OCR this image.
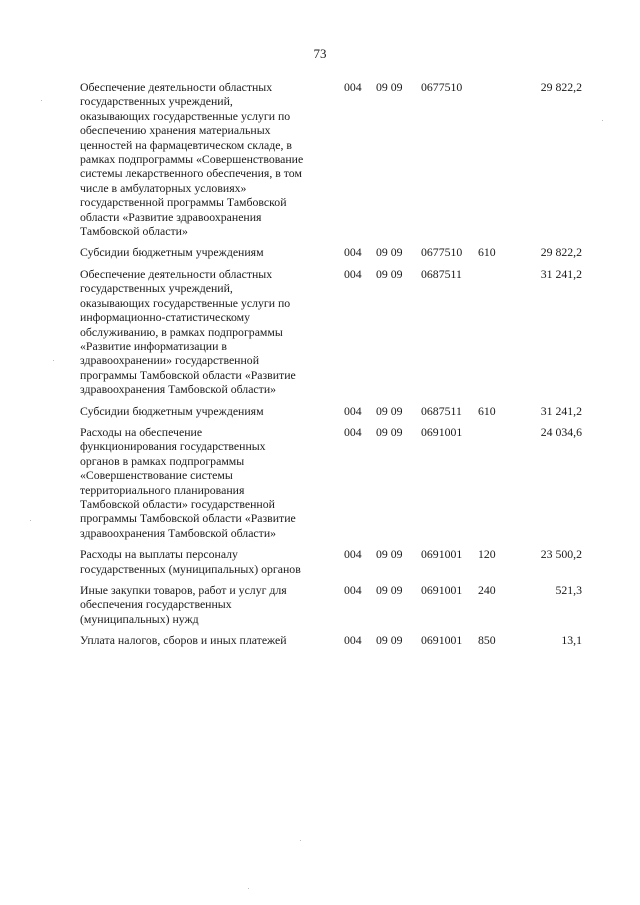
73
Обеспечение деятельности областных
государственных учреждений,
оказывающих государственные услуги по
обеспечению хранения материальных
ценностей на фармацевтическом складе, в
рамках подпрограммы «Совершенствование
системы лекарственного обеспечения, в том
числе в амбулаторных условиях»
государственной программы Тамбовской
области «Развитие здравоохранения
Тамбовской области»
004 09 09 0677510	29 822,2
Субсидии бюджетным учреждениям	004 09 09 0677510 610	29 822,2
Обеспечение деятельности областных
государственных учреждений,
оказывающих государственные услуги по
информационно-статистическому
обслуживанию, в рамках подпрограммы
«Развитие информатизации в
здравоохранении» государственной
программы Тамбовской области «Развитие
здравоохранения Тамбовской области»
004 09 09 0687511	31 241,2
Субсидии бюджетным учреждениям	004 09 09 0687511 610	31 241,2
Расходы на обеспечение
функционирования государственных
органов в рамках подпрограммы
«Совершенствование системы
территориального планирования
Тамбовской области» государственной
программы Тамбовской области «Развитие
здравоохранения Тамбовской области»
004 09 09 0691001	24 034,6
Расходы на выплаты персоналу
государственных (муниципальных) органов
004 09 09 0691001 120	23 500,2
Иные закупки товаров, работ и услуг для
обеспечения государственных
(муниципальных) нужд
004 09 09 0691001 240	521,3
Уплата налогов, сборов и иных платежей	004 09 09 0691001 850	13,1
